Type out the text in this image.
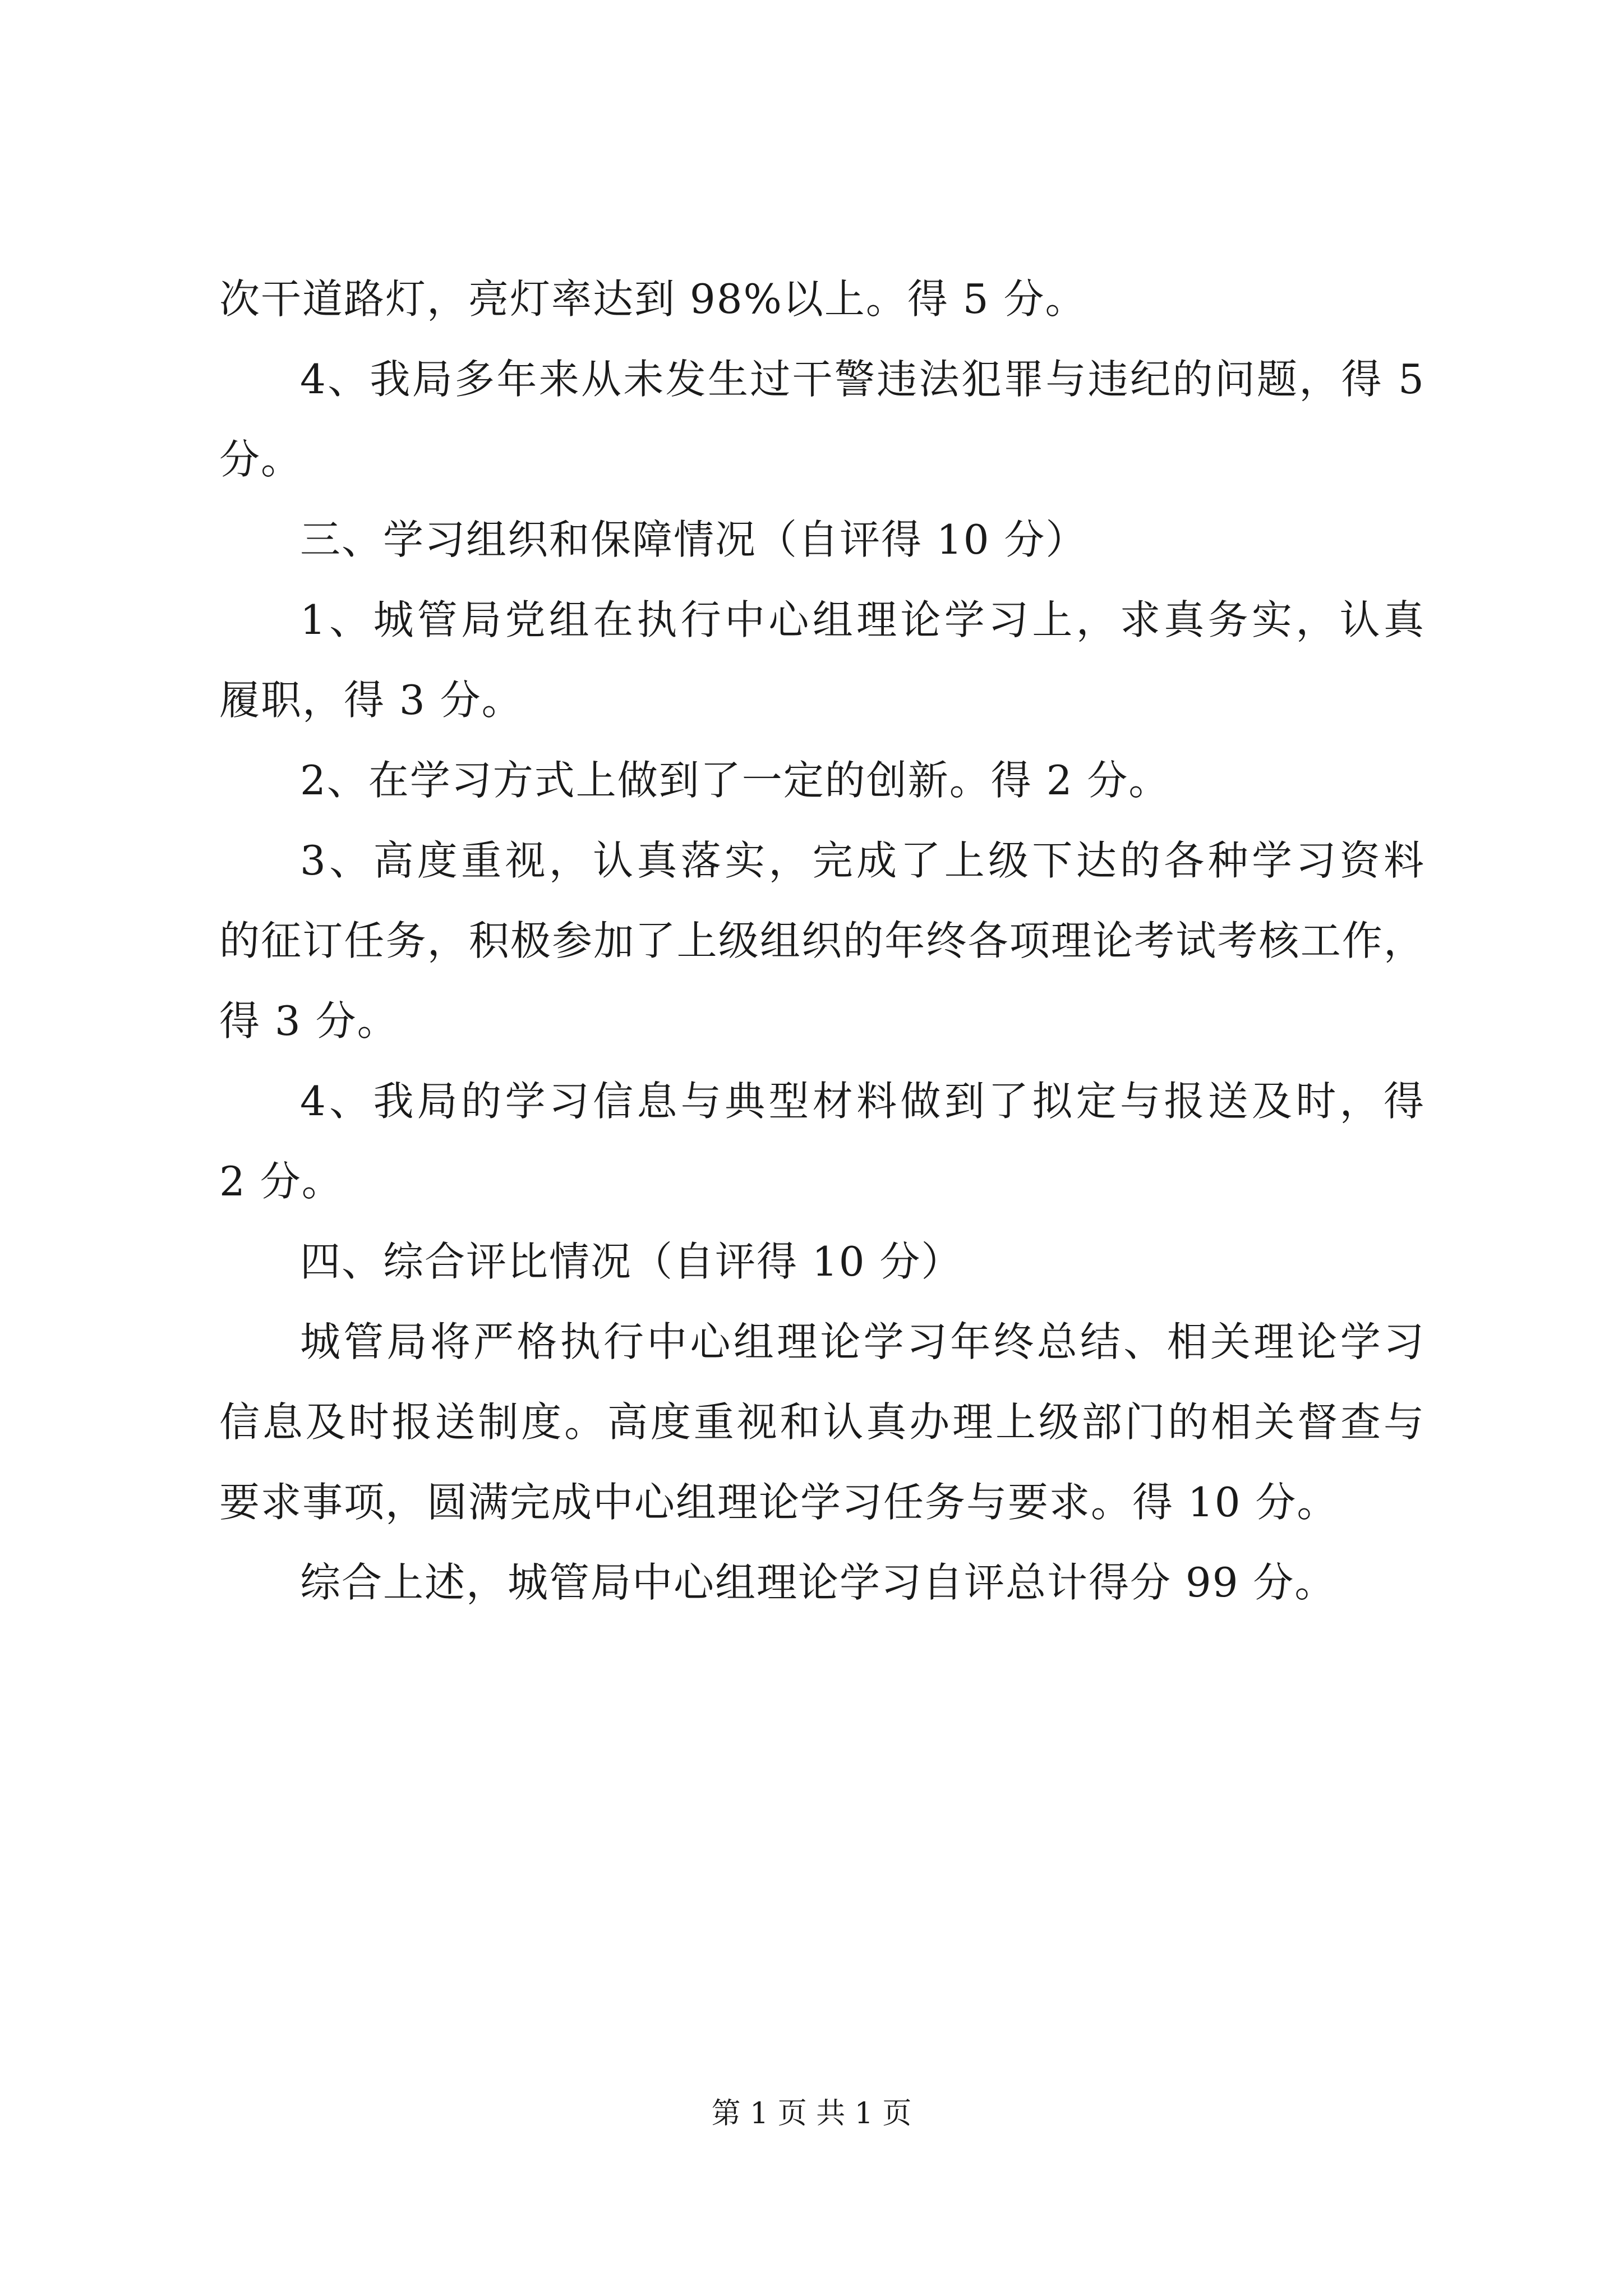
次干道路灯，亮灯率达到 98%以上。得 5 分。
4、我局多年来从未发生过干警违法犯罪与违纪的问题，得 5
分。
三、学习组织和保障情况（自评得 10 分）
1、城管局党组在执行中心组理论学习上，求真务实，认真
履职，得 3 分。
2、在学习方式上做到了一定的创新。得 2 分。
3、高度重视，认真落实，完成了上级下达的各种学习资料
的征订任务，积极参加了上级组织的年终各项理论考试考核工作，
得 3 分。
4、我局的学习信息与典型材料做到了拟定与报送及时，得
2 分。
四、综合评比情况（自评得 10 分）
城管局将严格执行中心组理论学习年终总结、相关理论学习
信息及时报送制度。高度重视和认真办理上级部门的相关督查与
要求事项，圆满完成中心组理论学习任务与要求。得 10 分。
综合上述，城管局中心组理论学习自评总计得分 99 分。
第 1 页 共 1 页
